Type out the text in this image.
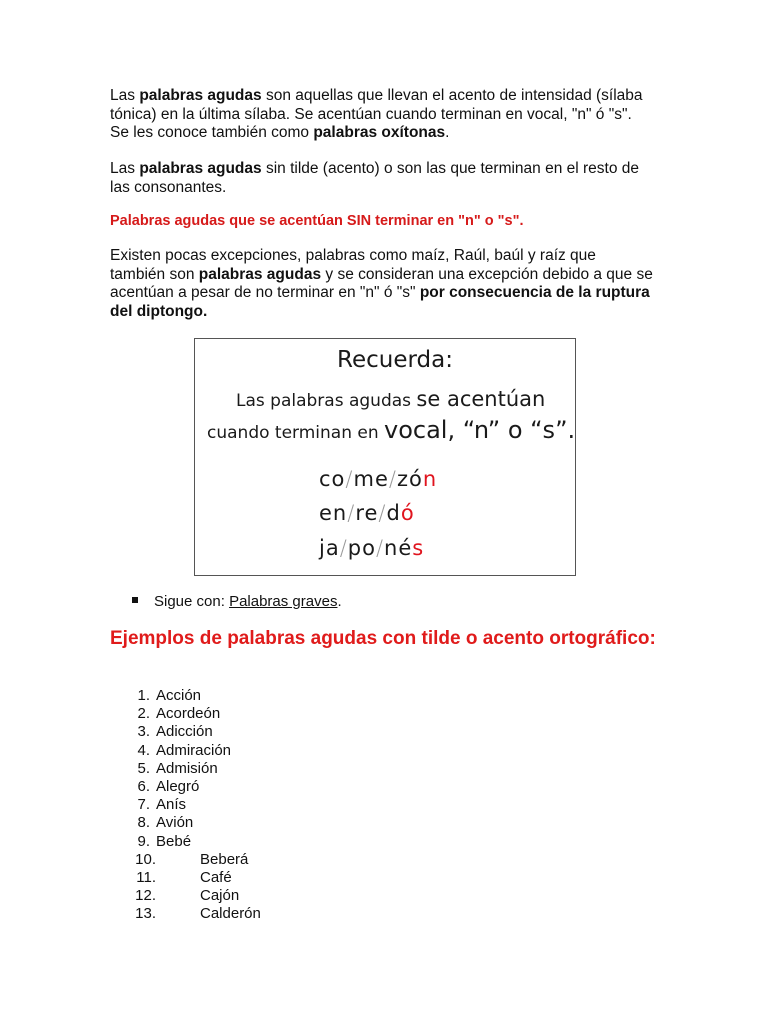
Las palabras agudas son aquellas que llevan el acento de intensidad (sílaba tónica) en la última sílaba. Se acentúan cuando terminan en vocal, "n" ó "s". Se les conoce también como palabras oxítonas.

Las palabras agudas sin tilde (acento) o son las que terminan en el resto de las consonantes.

Palabras agudas que se acentúan SIN terminar en "n" o "s".

Existen pocas excepciones, palabras como maíz, Raúl, baúl y raíz que también son palabras agudas y se consideran una excepción debido a que se acentúan a pesar de no terminar en "n" ó "s" por consecuencia de la ruptura del diptongo.

Recuerda:
Las palabras agudas se acentúan
cuando terminan en vocal, “n” o “s”.
co/me/zón
en/re/dó
ja/po/nés
Sigue con: Palabras graves.
Ejemplos de palabras agudas con tilde o acento ortográfico:
1. Acción
2. Acordeón
3. Adicción
4. Admiración
5. Admisión
6. Alegró
7. Anís
8. Avión
9. Bebé
10.	Beberá
11.	Café
12.	Cajón
13.	Calderón
